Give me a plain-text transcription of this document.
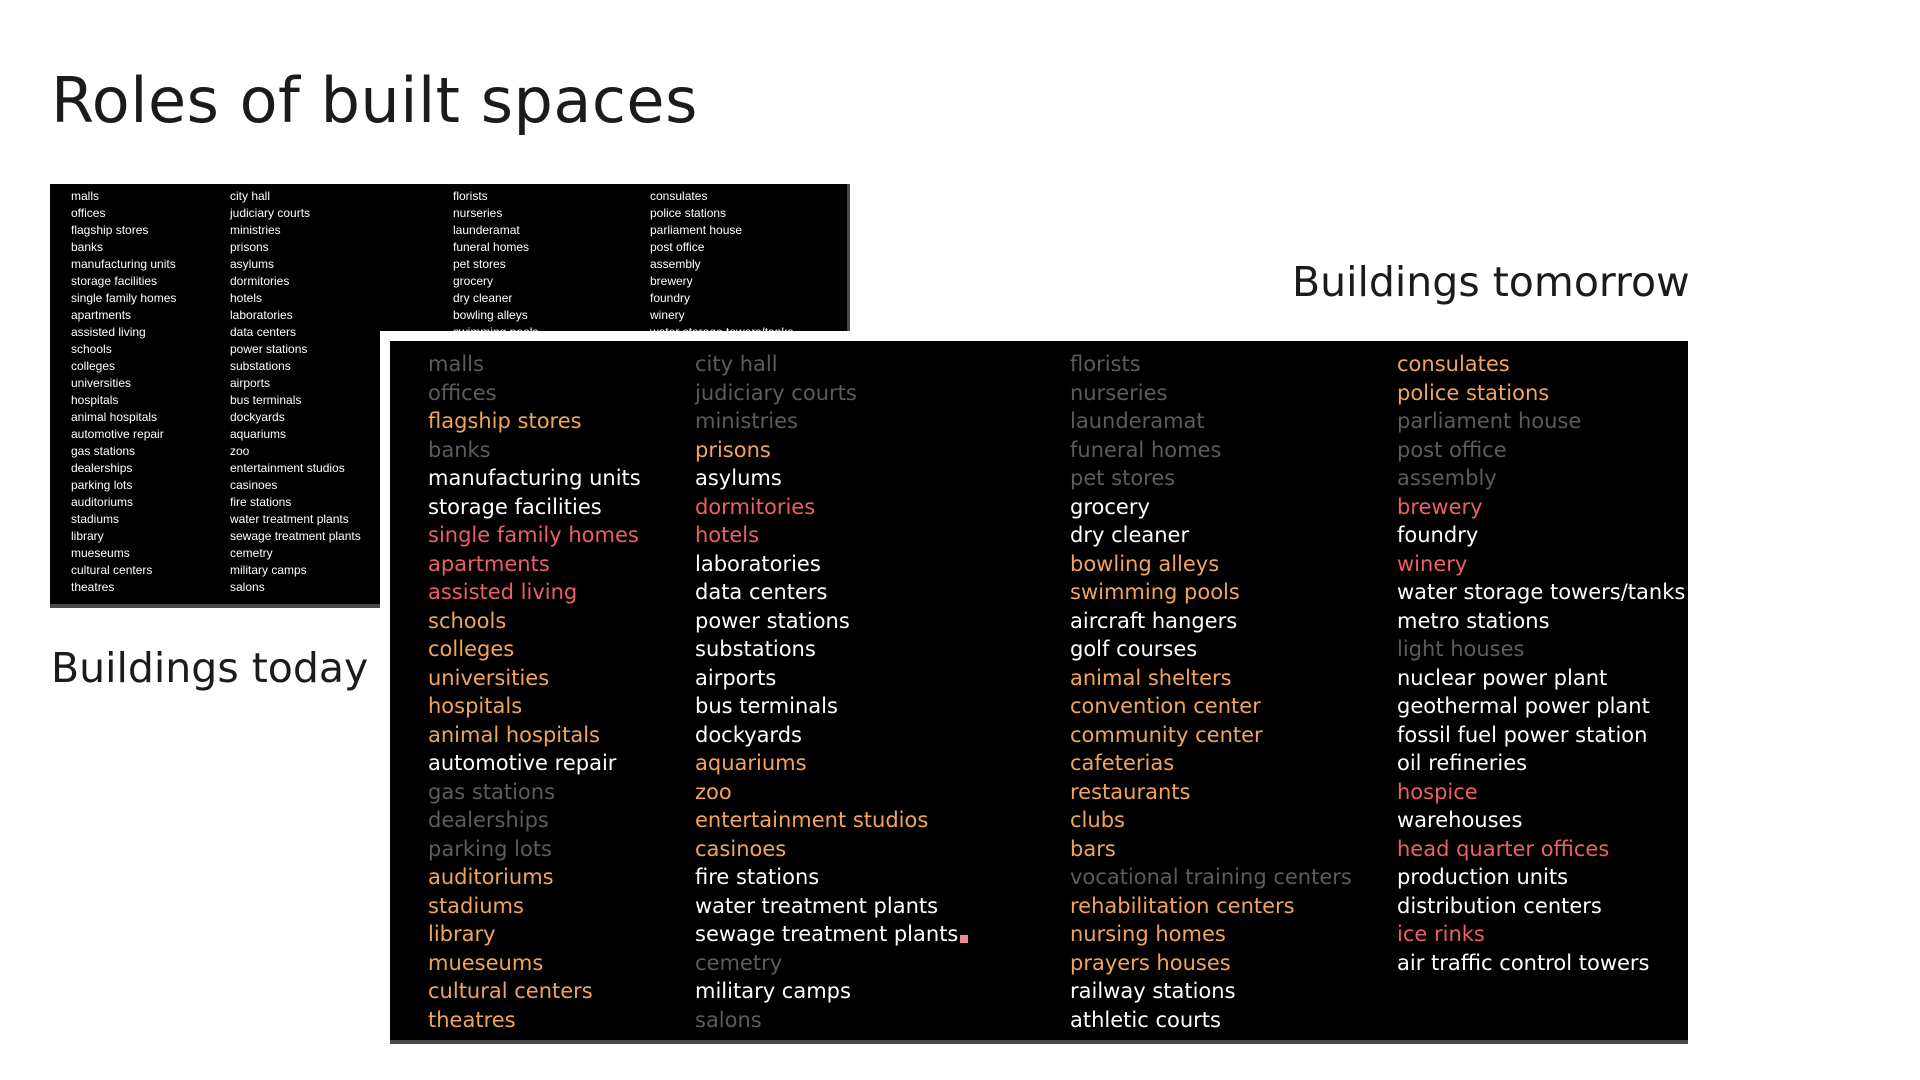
Roles of built spaces
malls
offices
flagship stores
banks
manufacturing units
storage facilities
single family homes
apartments
assisted living
schools
colleges
universities
hospitals
animal hospitals
automotive repair
gas stations
dealerships
parking lots
auditoriums
stadiums
library
mueseums
cultural centers
theatres
city hall
judiciary courts
ministries
prisons
asylums
dormitories
hotels
laboratories
data centers
power stations
substations
airports
bus terminals
dockyards
aquariums
zoo
entertainment studios
casinoes
fire stations
water treatment plants
sewage treatment plants
cemetry
military camps
salons
florists
nurseries
launderamat
funeral homes
pet stores
grocery
dry cleaner
bowling alleys
consulates
police stations
parliament house
post office
assembly
brewery
foundry
winery

Buildings today

Buildings tomorrow

malls
offices
flagship stores
banks
manufacturing units
storage facilities
single family homes
apartments
assisted living
schools
colleges
universities
hospitals
animal hospitals
automotive repair
gas stations
dealerships
parking lots
auditoriums
stadiums
library
mueseums
cultural centers
theatres
city hall
judiciary courts
ministries
prisons
asylums
dormitories
hotels
laboratories
data centers
power stations
substations
airports
bus terminals
dockyards
aquariums
zoo
entertainment studios
casinoes
fire stations
water treatment plants
sewage treatment plants
cemetry
military camps
salons
florists
nurseries
launderamat
funeral homes
pet stores
grocery
dry cleaner
bowling alleys
swimming pools
aircraft hangers
golf courses
animal shelters
convention center
community center
cafeterias
restaurants
clubs
bars
vocational training centers
rehabilitation centers
nursing homes
prayers houses
railway stations
athletic courts
consulates
police stations
parliament house
post office
assembly
brewery
foundry
winery
water storage towers/tanks
metro stations
light houses
nuclear power plant
geothermal power plant
fossil fuel power station
oil refineries
hospice
warehouses
head quarter offices
production units
distribution centers
ice rinks
air traffic control towers
